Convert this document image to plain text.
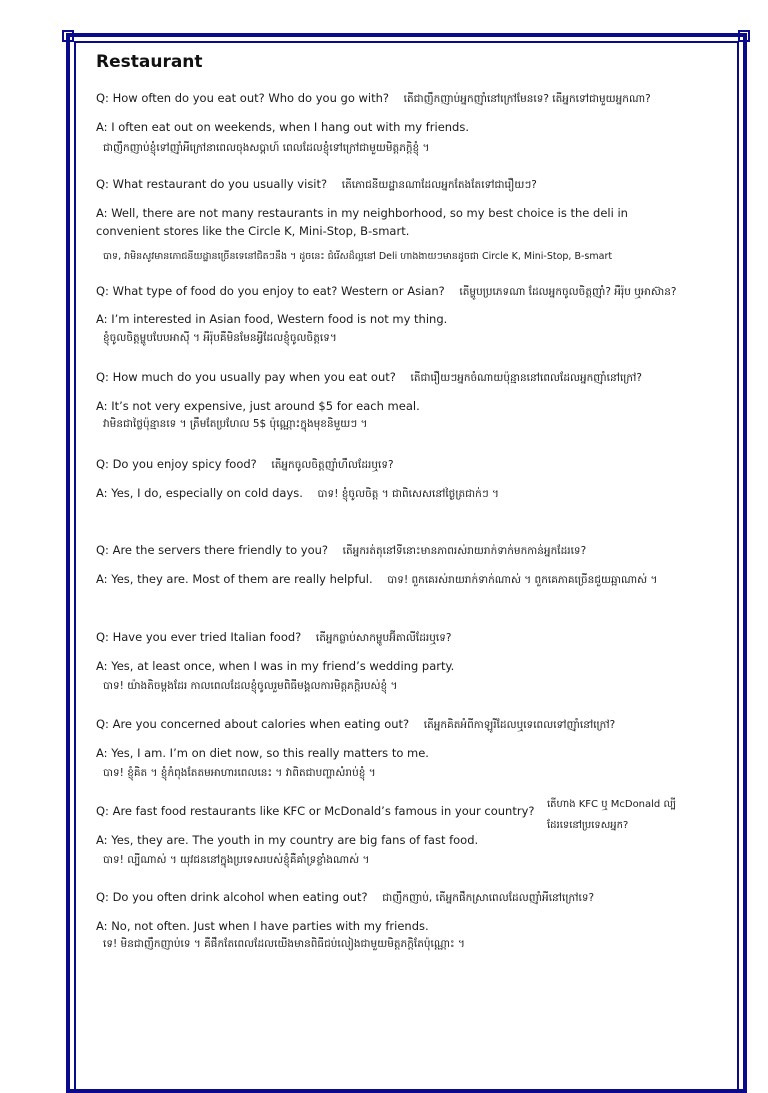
Restaurant
Q: How often do you eat out? Who do you go with? តើជាញឹកញាប់អ្នកញ៉ាំនៅក្រៅមែនទេ? តើអ្នកទៅជាមួយអ្នកណា?
A: I often eat out on weekends, when I hang out with my friends.
ជាញឹកញាប់ខ្ញុំទៅញ៉ាំអីក្រៅនាពេលចុងសប្តាហ៍ ពេលដែលខ្ញុំទៅក្រៅជាមួយមិត្តភក្តិខ្ញុំ ។
Q: What restaurant do you usually visit? តើភោជនីយដ្ឋានណាដែលអ្នកតែងតែទៅជារឿយៗ?
A: Well, there are not many restaurants in my neighborhood, so my best choice is the deli in
convenient stores like the Circle K, Mini-Stop, B-smart.
បាទ, វាមិនសូវមានភោជនីយដ្ឋានច្រើនទេនៅជិតៗនឹង ។ ដូចនេះ ជំរើសដ៏ល្អនៅ Deli ហាងងាយៗមានដូចជា Circle K, Mini-Stop, B-smart
Q: What type of food do you enjoy to eat? Western or Asian? តើម្ហូបប្រភេទណា ដែលអ្នកចូលចិត្តញ៉ាំ? អឺរ៉ុប ឬអាស៊ាន?
A: I’m interested in Asian food, Western food is not my thing.
ខ្ញុំចូលចិត្តម្ហូបបែបអាស៊ី ។ អឺរ៉ុបគឺមិនមែនអ្វីដែលខ្ញុំចូលចិត្តទេ។
Q: How much do you usually pay when you eat out? តើជារឿយៗអ្នកចំណាយប៉ុន្មាននៅពេលដែលអ្នកញ៉ាំនៅក្រៅ?
A: It’s not very expensive, just around $5 for each meal.
វាមិនជាថ្លៃប៉ុន្មានទេ ។ ត្រឹមតែប្រហែល 5$ ប៉ុណ្ណោះក្នុងមុខនិមួយៗ ។
Q: Do you enjoy spicy food? តើអ្នកចូលចិត្តញ៉ាំហឹលដែរឬទេ?
A: Yes, I do, especially on cold days. បាទ! ខ្ញុំចូលចិត្ត ។ ជាពិសេសនៅថ្ងៃត្រជាក់ៗ ។
Q: Are the servers there friendly to you? តើអ្នករត់តុនៅទីនោះមានភាពរស់រាយរាក់ទាក់មកកាន់អ្នកដែរទេ?
A: Yes, they are. Most of them are really helpful. បាទ! ពួកគេរស់រាយរាក់ទាក់ណាស់ ។ ពួកគេភាគច្រើនជួយឆ្អាណាស់ ។
Q: Have you ever tried Italian food? តើអ្នកធ្លាប់សាកម្ហូបអ៊ីតាលីដែរឬទេ?
A: Yes, at least once, when I was in my friend’s wedding party.
បាទ! យ៉ាងតិចម្តងដែរ កាលពេលដែលខ្ញុំចូលរួមពិធីមង្គលការមិត្តភក្តិរបស់ខ្ញុំ ។
Q: Are you concerned about calories when eating out? តើអ្នកគិតអំពីកាឡូរីដែលឬទេពេលទៅញ៉ាំនៅក្រៅ?
A: Yes, I am. I’m on diet now, so this really matters to me.
បាទ! ខ្ញុំគិត ។ ខ្ញុំកំពុងតែតមអាហារពេលនេះ ។ វាពិតជាបញ្ហាសំរាប់ខ្ញុំ ។
Q: Are fast food restaurants like KFC or McDonald’s famous in your country? តើហាង KFC ឬ McDonald ល្បី
ដែរទេនៅប្រទេសអ្នក?
A: Yes, they are. The youth in my country are big fans of fast food.
បាទ! ល្បីណាស់ ។ យុវជននៅក្នុងប្រទេសរបស់ខ្ញុំគឺគាំទ្រខ្លាំងណាស់ ។
Q: Do you often drink alcohol when eating out? ជាញឹកញាប់, តើអ្នកផឹកស្រាពេលដែលញ៉ាំអីនៅក្រៅទេ?
A: No, not often. Just when I have parties with my friends.
ទេ! មិនជាញឹកញាប់ទេ ។ គឺផឹកតែពេលដែលយើងមានពិធីជប់លៀងជាមួយមិត្តភក្តិតែប៉ុណ្ណោះ ។
